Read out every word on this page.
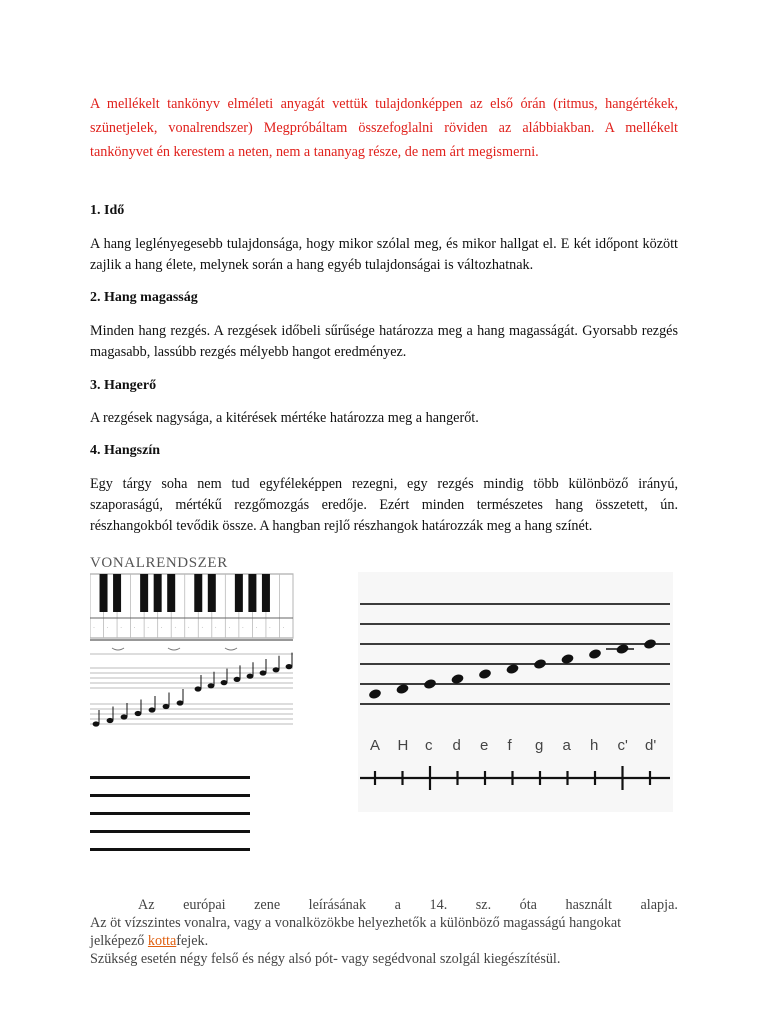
A mellékelt tankönyv elméleti anyagát vettük tulajdonképpen az első órán (ritmus, hangértékek, szünetjelek, vonalrendszer) Megpróbáltam összefoglalni röviden az alábbiakban. A mellékelt tankönyvet én kerestem a neten, nem a tananyag része, de nem árt megismerni.

1. Idő

A hang leglényegesebb tulajdonsága, hogy mikor szólal meg, és mikor hallgat el. E két időpont között zajlik a hang élete, melynek során a hang egyéb tulajdonságai is változhatnak.

2. Hang magasság

Minden hang rezgés. A rezgések időbeli sűrűsége határozza meg a hang magasságát. Gyorsabb rezgés magasabb, lassúbb rezgés mélyebb hangot eredményez.

3. Hangerő

A rezgések nagysága, a kitérések mértéke határozza meg a hangerőt.

4. Hangszín

Egy tárgy soha nem tud egyféleképpen rezegni, egy rezgés mindig több különböző irányú, szaporaságú, mértékű rezgőmozgás eredője. Ezért minden természetes hang összetett, ún. részhangokból tevődik össze. A hangban rejlő részhangok határozzák meg a hang színét.

VONALRENDSZER

· · · · · · · · · · · · · · ·
A H c d e f g a h c' d'
Az európai zene leírásának a 14. sz. óta használt alapja.
Az öt vízszintes vonalra, vagy a vonalközökbe helyezhetők a különböző magasságú hangokat
jelképező kottafejek.
Szükség esetén négy felső és négy alsó pót- vagy segédvonal szolgál kiegészítésül.
